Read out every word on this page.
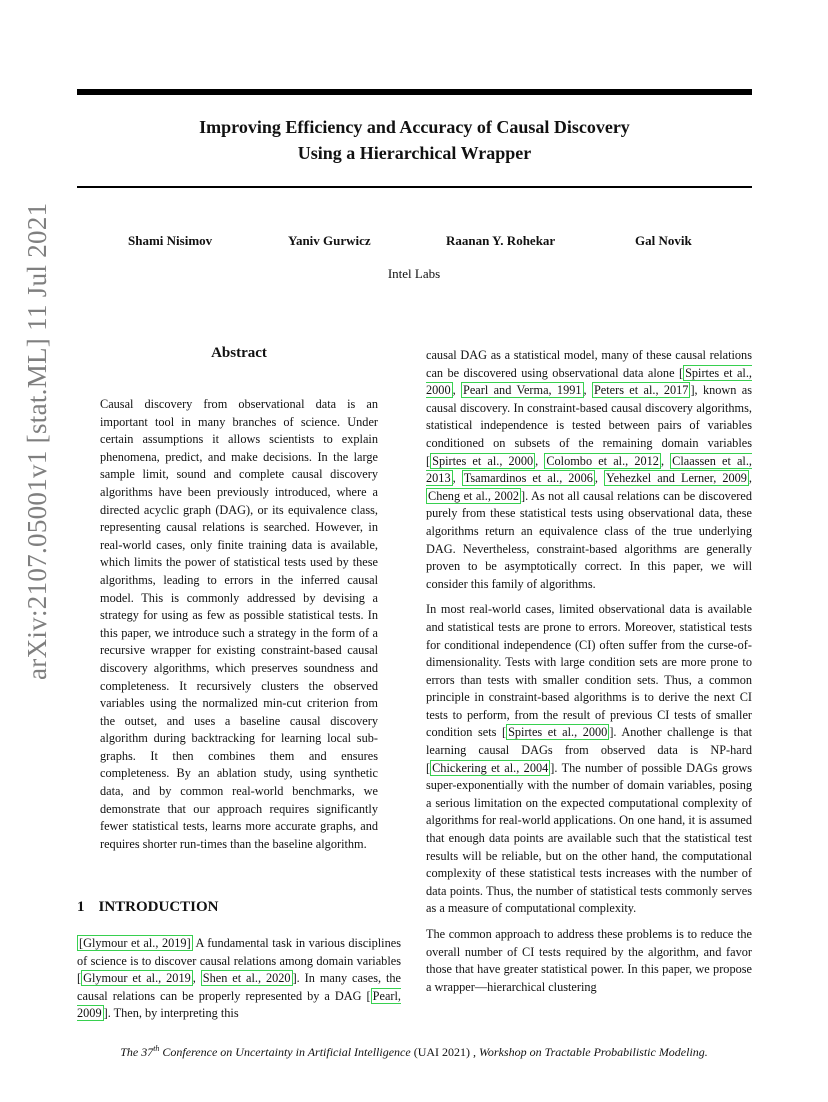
Improving Efficiency and Accuracy of Causal Discovery
Using a Hierarchical Wrapper
Shami Nisimov	Yaniv Gurwicz	Raanan Y. Rohekar	Gal Novik
Intel Labs
arXiv:2107.05001v1 [stat.ML] 11 Jul 2021	Abstract
Causal discovery from observational data is an important tool in many branches of science. Under certain assumptions it allows scientists to explain phenomena, predict, and make decisions. In the large sample limit, sound and complete causal discovery algorithms have been previously introduced, where a directed acyclic graph (DAG), or its equivalence class, representing causal relations is searched. However, in real-world cases, only finite training data is available, which limits the power of statistical tests used by these algorithms, leading to errors in the inferred causal model. This is commonly addressed by devising a strategy for using as few as possible statistical tests. In this paper, we introduce such a strategy in the form of a recursive wrapper for existing constraint-based causal discovery algorithms, which preserves soundness and completeness. It recursively clusters the observed variables using the normalized min-cut criterion from the outset, and uses a baseline causal discovery algorithm during backtracking for learning local sub-graphs. It then combines them and ensures completeness. By an ablation study, using synthetic data, and by common real-world benchmarks, we demonstrate that our approach requires significantly fewer statistical tests, learns more accurate graphs, and requires shorter run-times than the baseline algorithm.
1 INTRODUCTION
[Glymour et al., 2019] A fundamental task in various disciplines of science is to discover causal relations among domain variables [ Glymour et al., 2019 , Shen et al., 2020 ]. In many cases, the causal relations can be properly represented by a DAG [ Pearl, 2009 ]. Then, by interpreting this

causal DAG as a statistical model, many of these causal relations can be discovered using observational data alone [ Spirtes et al., 2000 , Pearl and Verma, 1991 , Peters et al., 2017 ], known as causal discovery. In constraint-based causal discovery algorithms, statistical independence is tested between pairs of variables conditioned on subsets of the remaining domain variables [ Spirtes et al., 2000 , Colombo et al., 2012 , Claassen et al., 2013 , Tsamardinos et al., 2006 , Yehezkel and Lerner, 2009 , Cheng et al., 2002 ]. As not all causal relations can be discovered purely from these statistical tests using observational data, these algorithms return an equivalence class of the true underlying DAG. Nevertheless, constraint-based algorithms are generally proven to be asymptotically correct. In this paper, we will consider this family of algorithms.

In most real-world cases, limited observational data is available and statistical tests are prone to errors. Moreover, statistical tests for conditional independence (CI) often suffer from the curse-of-dimensionality. Tests with large condition sets are more prone to errors than tests with smaller condition sets. Thus, a common principle in constraint-based algorithms is to derive the next CI tests to perform, from the result of previous CI tests of smaller condition sets [ Spirtes et al., 2000 ]. Another challenge is that learning causal DAGs from observed data is NP-hard [ Chickering et al., 2004 ]. The number of possible DAGs grows super-exponentially with the number of domain variables, posing a serious limitation on the expected computational complexity of algorithms for real-world applications. On one hand, it is assumed that enough data points are available such that the statistical test results will be reliable, but on the other hand, the computational complexity of these statistical tests increases with the number of data points. Thus, the number of statistical tests commonly serves as a measure of computational complexity.

The common approach to address these problems is to reduce the overall number of CI tests required by the algorithm, and favor those that have greater statistical power. In this paper, we propose a wrapper—hierarchical clustering

The 37th Conference on Uncertainty in Artificial Intelligence (UAI 2021) , Workshop on Tractable Probabilistic Modeling.
